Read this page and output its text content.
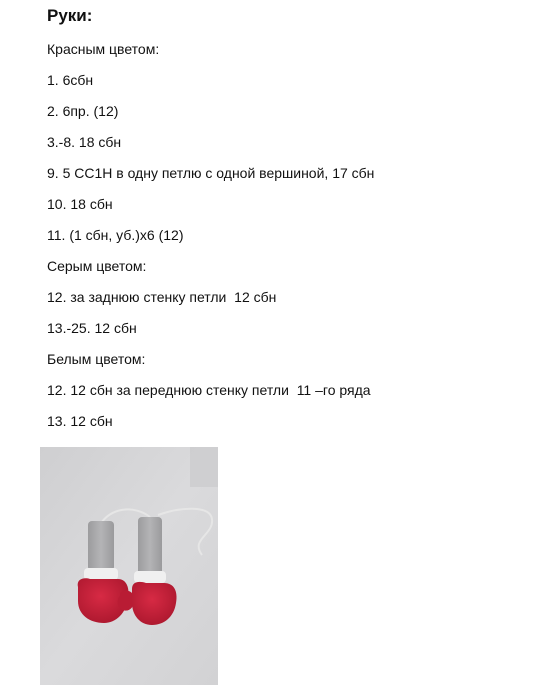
Руки:
Красным цветом:
1. 6сбн
2. 6пр. (12)
3.-8. 18 сбн
9. 5 СС1Н в одну петлю с одной вершиной, 17 сбн
10. 18 сбн
11. (1 сбн, уб.)х6 (12)
Серым цветом:
12. за заднюю стенку петли  12 сбн
13.-25. 12 сбн
Белым цветом:
12. 12 сбн за переднюю стенку петли  11 –го ряда
13. 12 сбн
